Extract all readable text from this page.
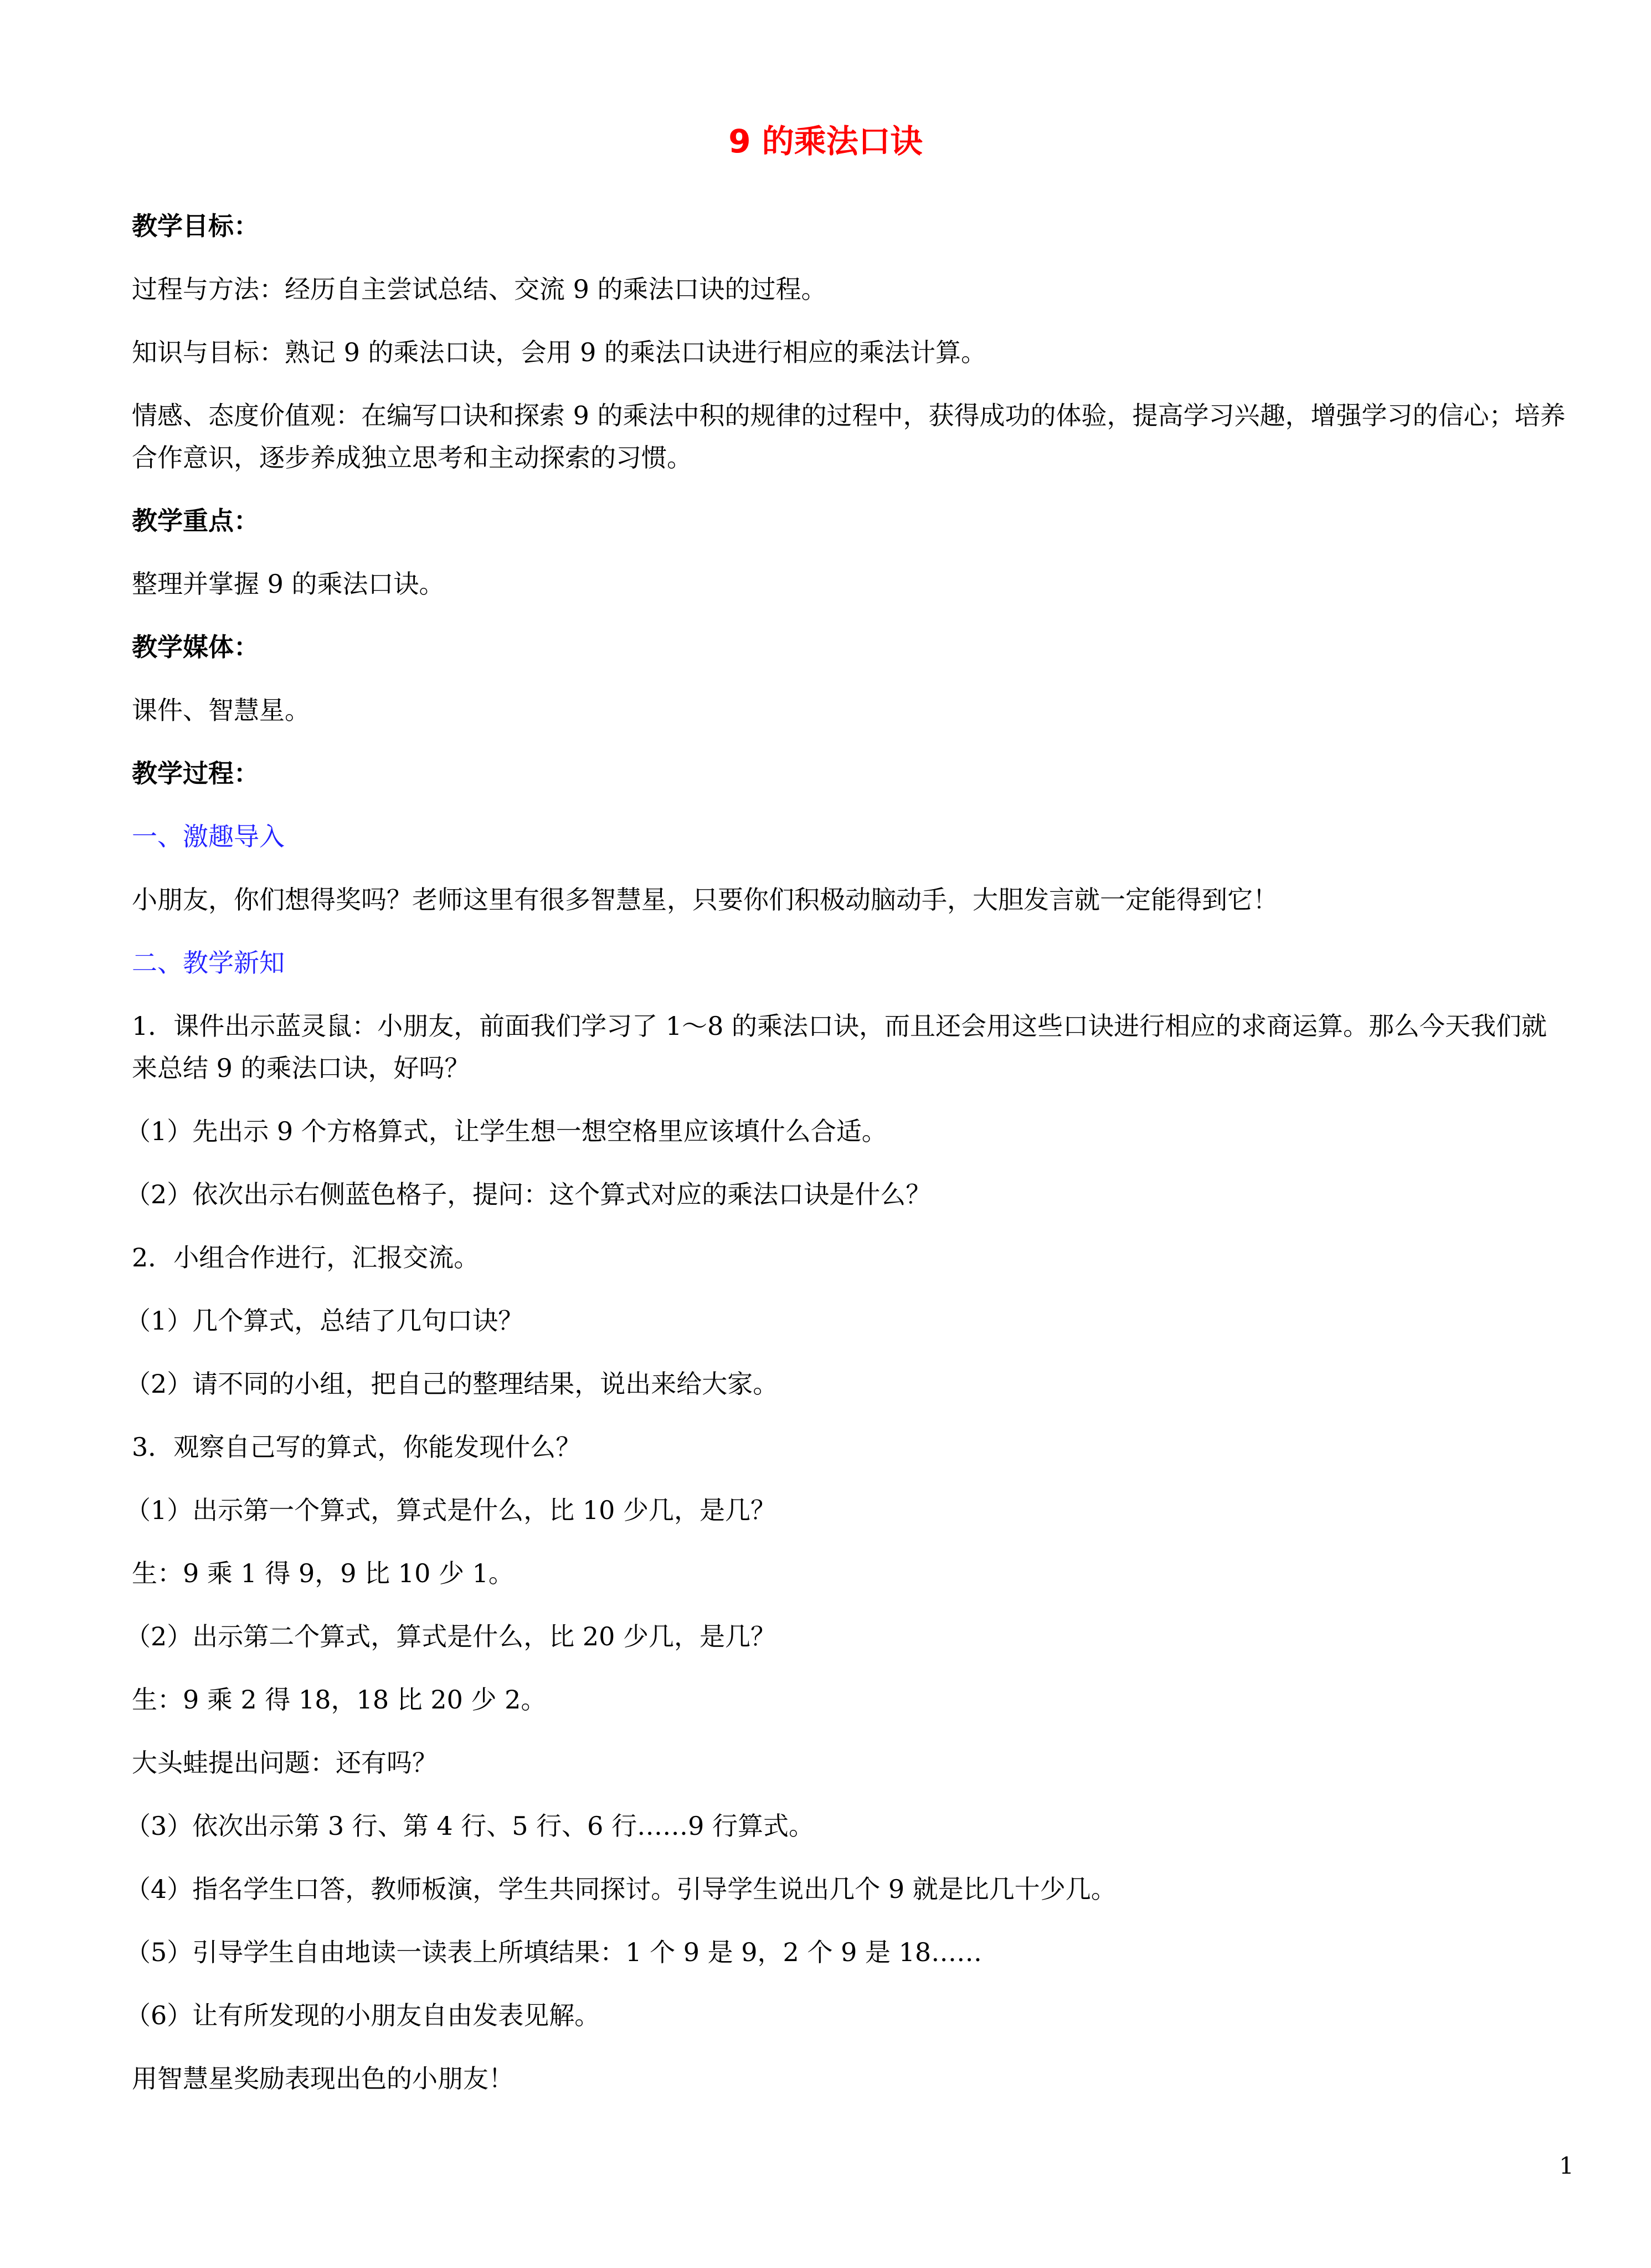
9 的乘法口诀

教学目标：

过程与方法：经历自主尝试总结、交流 9 的乘法口诀的过程。

知识与目标：熟记 9 的乘法口诀，会用 9 的乘法口诀进行相应的乘法计算。

情感、态度价值观：在编写口诀和探索 9 的乘法中积的规律的过程中，获得成功的体验，提高学习兴趣，增强学习的信心；培养合作意识，逐步养成独立思考和主动探索的习惯。

教学重点：

整理并掌握 9 的乘法口诀。

教学媒体：

课件、智慧星。

教学过程：

一、激趣导入

小朋友，你们想得奖吗？老师这里有很多智慧星，只要你们积极动脑动手，大胆发言就一定能得到它！

二、教学新知

1．课件出示蓝灵鼠：小朋友，前面我们学习了 1～8 的乘法口诀，而且还会用这些口诀进行相应的求商运算。那么今天我们就来总结 9 的乘法口诀，好吗？

（1）先出示 9 个方格算式，让学生想一想空格里应该填什么合适。

（2）依次出示右侧蓝色格子，提问：这个算式对应的乘法口诀是什么？

2．小组合作进行，汇报交流。

（1）几个算式，总结了几句口诀？

（2）请不同的小组，把自己的整理结果，说出来给大家。

3．观察自己写的算式，你能发现什么？

（1）出示第一个算式，算式是什么，比 10 少几，是几？

生：9 乘 1 得 9，9 比 10 少 1。

（2）出示第二个算式，算式是什么，比 20 少几，是几？

生：9 乘 2 得 18，18 比 20 少 2。

大头蛙提出问题：还有吗？

（3）依次出示第 3 行、第 4 行、5 行、6 行……9 行算式。

（4）指名学生口答，教师板演，学生共同探讨。引导学生说出几个 9 就是比几十少几。

（5）引导学生自由地读一读表上所填结果：1 个 9 是 9，2 个 9 是 18……

（6）让有所发现的小朋友自由发表见解。

用智慧星奖励表现出色的小朋友！

1
